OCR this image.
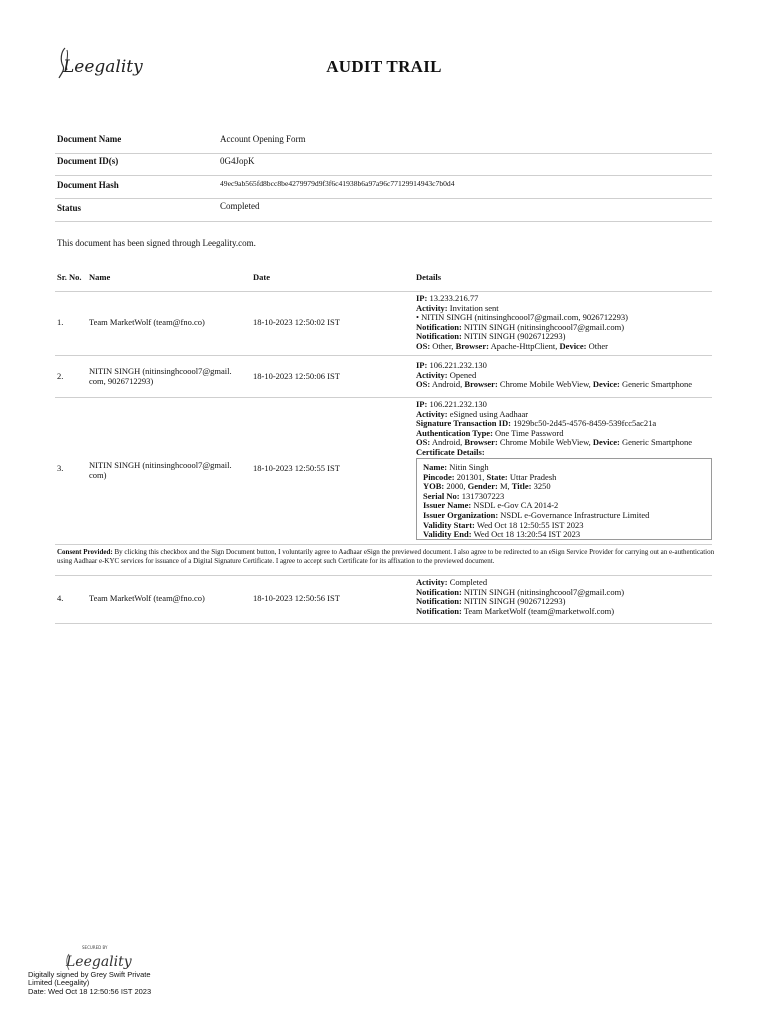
Leegality	AUDIT TRAIL
Document Name	Account Opening Form
Document ID(s)	0G4JopK
Document Hash	49ec9ab565fd8bcc8be4279979d9f3f6c41938b6a97a96c77129914943c7b0d4
Status	Completed
This document has been signed through Leegality.com.
Sr. No. Name	Date	Details
1.	Team MarketWolf (team@fno.co)	18-10-2023 12:50:02 IST
IP: 13.233.216.77
Activity: Invitation sent
• NITIN SINGH (nitinsinghcoool7@gmail.com, 9026712293)
Notification: NITIN SINGH (nitinsinghcoool7@gmail.com)
Notification: NITIN SINGH (9026712293)
OS: Other, Browser: Apache-HttpClient, Device: Other
2.	NITIN SINGH (nitinsinghcoool7@gmail.
com, 9026712293)	18-10-2023 12:50:06 IST
IP: 106.221.232.130
Activity: Opened
OS: Android, Browser: Chrome Mobile WebView, Device: Generic Smartphone
3.	NITIN SINGH (nitinsinghcoool7@gmail.
com)
18-10-2023 12:50:55 IST
IP: 106.221.232.130
Activity: eSigned using Aadhaar
Signature Transaction ID: 1929bc50-2d45-4576-8459-539fcc5ac21a
Authentication Type: One Time Password
OS: Android, Browser: Chrome Mobile WebView, Device: Generic Smartphone
Certificate Details:
Name: Nitin Singh
Pincode: 201301, State: Uttar Pradesh
YOB: 2000, Gender: M, Title: 3250
Serial No: 1317307223
Issuer Name: NSDL e-Gov CA 2014-2
Issuer Organization: NSDL e-Governance Infrastructure Limited
Validity Start: Wed Oct 18 12:50:55 IST 2023
Validity End: Wed Oct 18 13:20:54 IST 2023
Consent Provided: By clicking this checkbox and the Sign Document button, I voluntarily agree to Aadhaar eSign the previewed document. I also agree to be redirected to an eSign Service Provider for carrying out an e-authentication using Aadhaar e-KYC services for issuance of a Digital Signature Certificate. I agree to accept such Certificate for its affixation to the previewed document.
4.	Team MarketWolf (team@fno.co)	18-10-2023 12:50:56 IST
Activity: Completed
Notification: NITIN SINGH (nitinsinghcoool7@gmail.com)
Notification: NITIN SINGH (9026712293)
Notification: Team MarketWolf (team@marketwolf.com)
SECURED BY
Leegality
Digitally signed by Grey Swift Private
Limited (Leegality)
Date: Wed Oct 18 12:50:56 IST 2023
